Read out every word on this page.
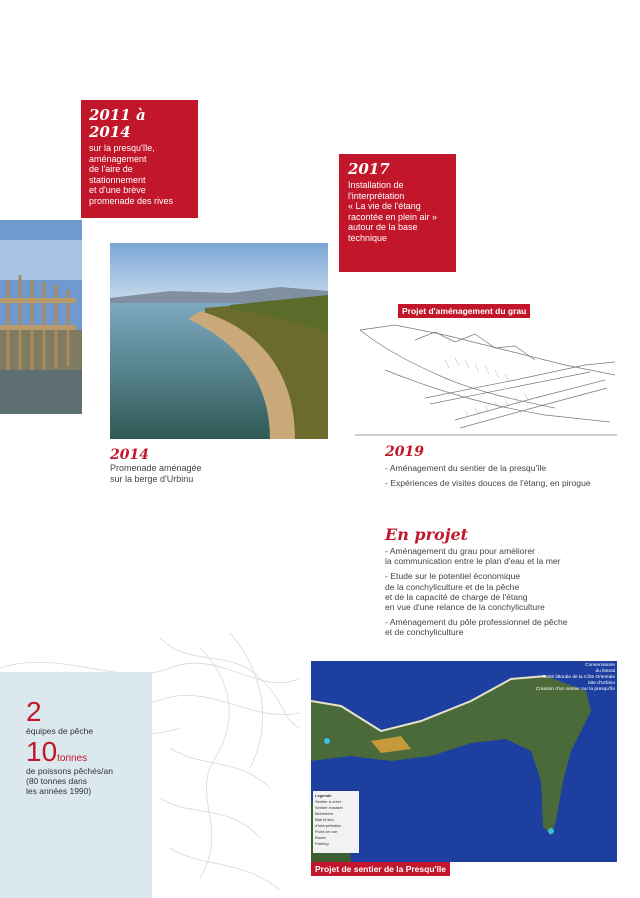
2011 à 2014
sur la presqu'île,
aménagement
de l'aire de
stationnement
et d'une brève
promenade des rives
2017
Installation de
l'interprétation
« La vie de l'étang
racontée en plein air »
autour de la base
technique
2014
Promenade aménagée
sur la berge d'Urbinu
Projet d'aménagement du grau
2019
- Aménagement du sentier de la presqu'île
- Expériences de visites douces de l'étang, en pirogue
En projet
- Aménagement du grau pour améliorer
la communication entre le plan d'eau et la mer
- Etude sur le potentiel économique
de la conchyliculture et de la pêche
et de la capacité de charge de l'étang
en vue d'une relance de la conchyliculture
- Aménagement du pôle professionnel de pêche
et de conchyliculture
2
équipes de pêche
10tonnes
de poissons pêchés/an
(80 tonnes dans
les années 1990)
Unité littorale de la Côte Orientale
Site d'Urbinu
Création d'un sentier sur la presqu'île
Conservatoire
du littoral
Légende
Sentier à créer
Sentier existant
Belvédère
Bâti et lieu d'interprétation
Point de vue
Route
Parking
Projet de sentier de la Presqu'île
